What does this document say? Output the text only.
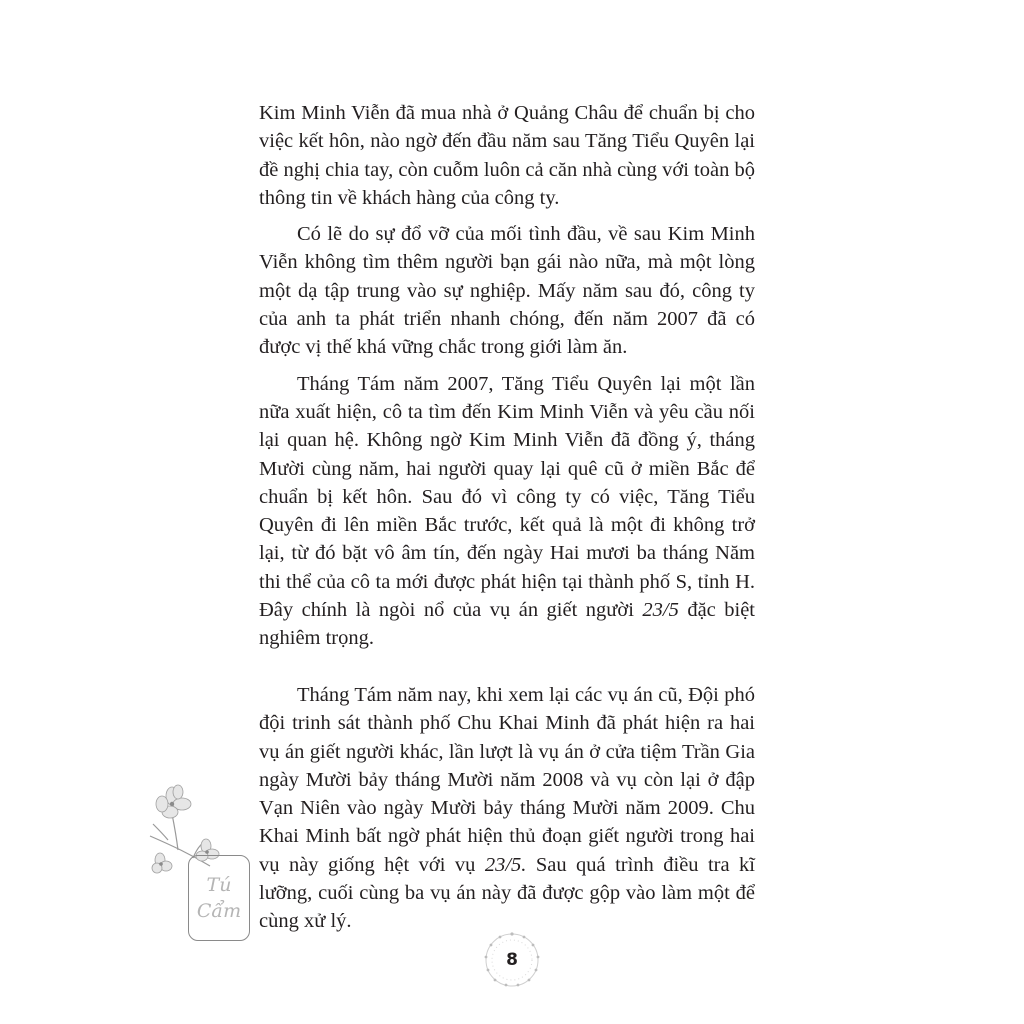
Kim Minh Viễn đã mua nhà ở Quảng Châu để chuẩn bị cho việc kết hôn, nào ngờ đến đầu năm sau Tăng Tiểu Quyên lại đề nghị chia tay, còn cuỗm luôn cả căn nhà cùng với toàn bộ thông tin về khách hàng của công ty.

Có lẽ do sự đổ vỡ của mối tình đầu, về sau Kim Minh Viễn không tìm thêm người bạn gái nào nữa, mà một lòng một dạ tập trung vào sự nghiệp. Mấy năm sau đó, công ty của anh ta phát triển nhanh chóng, đến năm 2007 đã có được vị thế khá vững chắc trong giới làm ăn.

Tháng Tám năm 2007, Tăng Tiểu Quyên lại một lần nữa xuất hiện, cô ta tìm đến Kim Minh Viễn và yêu cầu nối lại quan hệ. Không ngờ Kim Minh Viễn đã đồng ý, tháng Mười cùng năm, hai người quay lại quê cũ ở miền Bắc để chuẩn bị kết hôn. Sau đó vì công ty có việc, Tăng Tiểu Quyên đi lên miền Bắc trước, kết quả là một đi không trở lại, từ đó bặt vô âm tín, đến ngày Hai mươi ba tháng Năm thi thể của cô ta mới được phát hiện tại thành phố S, tỉnh H. Đây chính là ngòi nổ của vụ án giết người 23/5 đặc biệt nghiêm trọng.

Tháng Tám năm nay, khi xem lại các vụ án cũ, Đội phó đội trinh sát thành phố Chu Khai Minh đã phát hiện ra hai vụ án giết người khác, lần lượt là vụ án ở cửa tiệm Trần Gia ngày Mười bảy tháng Mười năm 2008 và vụ còn lại ở đập Vạn Niên vào ngày Mười bảy tháng Mười năm 2009. Chu Khai Minh bất ngờ phát hiện thủ đoạn giết người trong hai vụ này giống hệt với vụ 23/5. Sau quá trình điều tra kĩ lưỡng, cuối cùng ba vụ án này đã được gộp vào làm một để cùng xử lý.

Tú
Cẩm
8
